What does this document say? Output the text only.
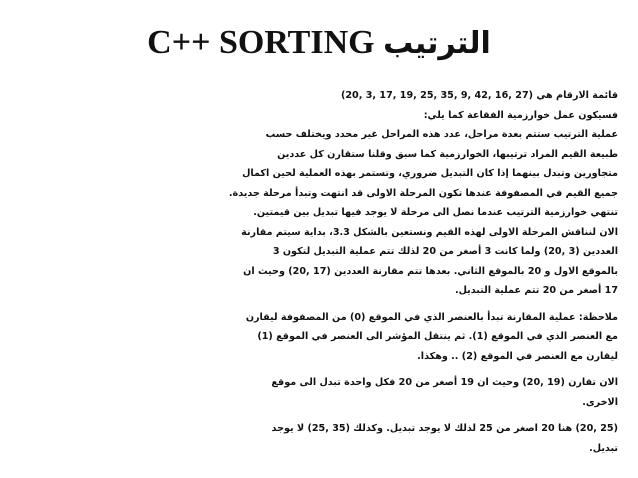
C++ SORTING الترتيب
قائمة الارقام هي (27 ,16 ,42 ,9 ,35 ,25 ,19 ,17 ,3 ,20)
فسيكون عمل خوارزمية الفقاعة كما يلي:
عملية الترتيب ستتم بعدة مراحل، عدد هذه المراحل غير محدد ويختلف حسب
طبيعة القيم المراد ترتيبها، الخوارزمية كما سبق وقلنا ستقارن كل عددين
متجاورين وتبدل بينهما إذا كان التبديل ضروري، وتستمر بهذه العملية لحين اكمال
جميع القيم في المصفوفة عندها تكون المرحلة الاولى قد انتهت وتبدأ مرحلة جديدة.
تنتهي خوارزمية الترتيب عندما نصل الى مرحلة لا يوجد فيها تبديل بين قيمتين.
الان لنناقش المرحلة الاولى لهذه القيم ونستعين بالشكل 3.3، بداية سيتم مقارنة
العددين (3 ,20) ولما كانت 3 أصغر من 20 لذلك تتم عملية التبديل لتكون 3
بالموقع الاول و 20 بالموقع الثاني. بعدها تتم مقارنة العددين (17 ,20) وحيث ان
17 أصغر من 20 تتم عملية التبديل.
ملاحظة: عملية المقارنة تبدأ بالعنصر الذي في الموقع (0) من المصفوفة ليقارن
مع العنصر الذي في الموقع (1). ثم ينتقل المؤشر الى العنصر في الموقع (1)
ليقارن مع العنصر في الموقع (2) .. وهكذا.
الان تقارن (19 ,20) وحيث ان 19 أصغر من 20 فكل واحدة تبدل الى موقع
الاخرى.
(25 ,20) هنا 20 اصغر من 25 لذلك لا يوجد تبديل. وكذلك (35 ,25) لا يوجد
تبديل.
